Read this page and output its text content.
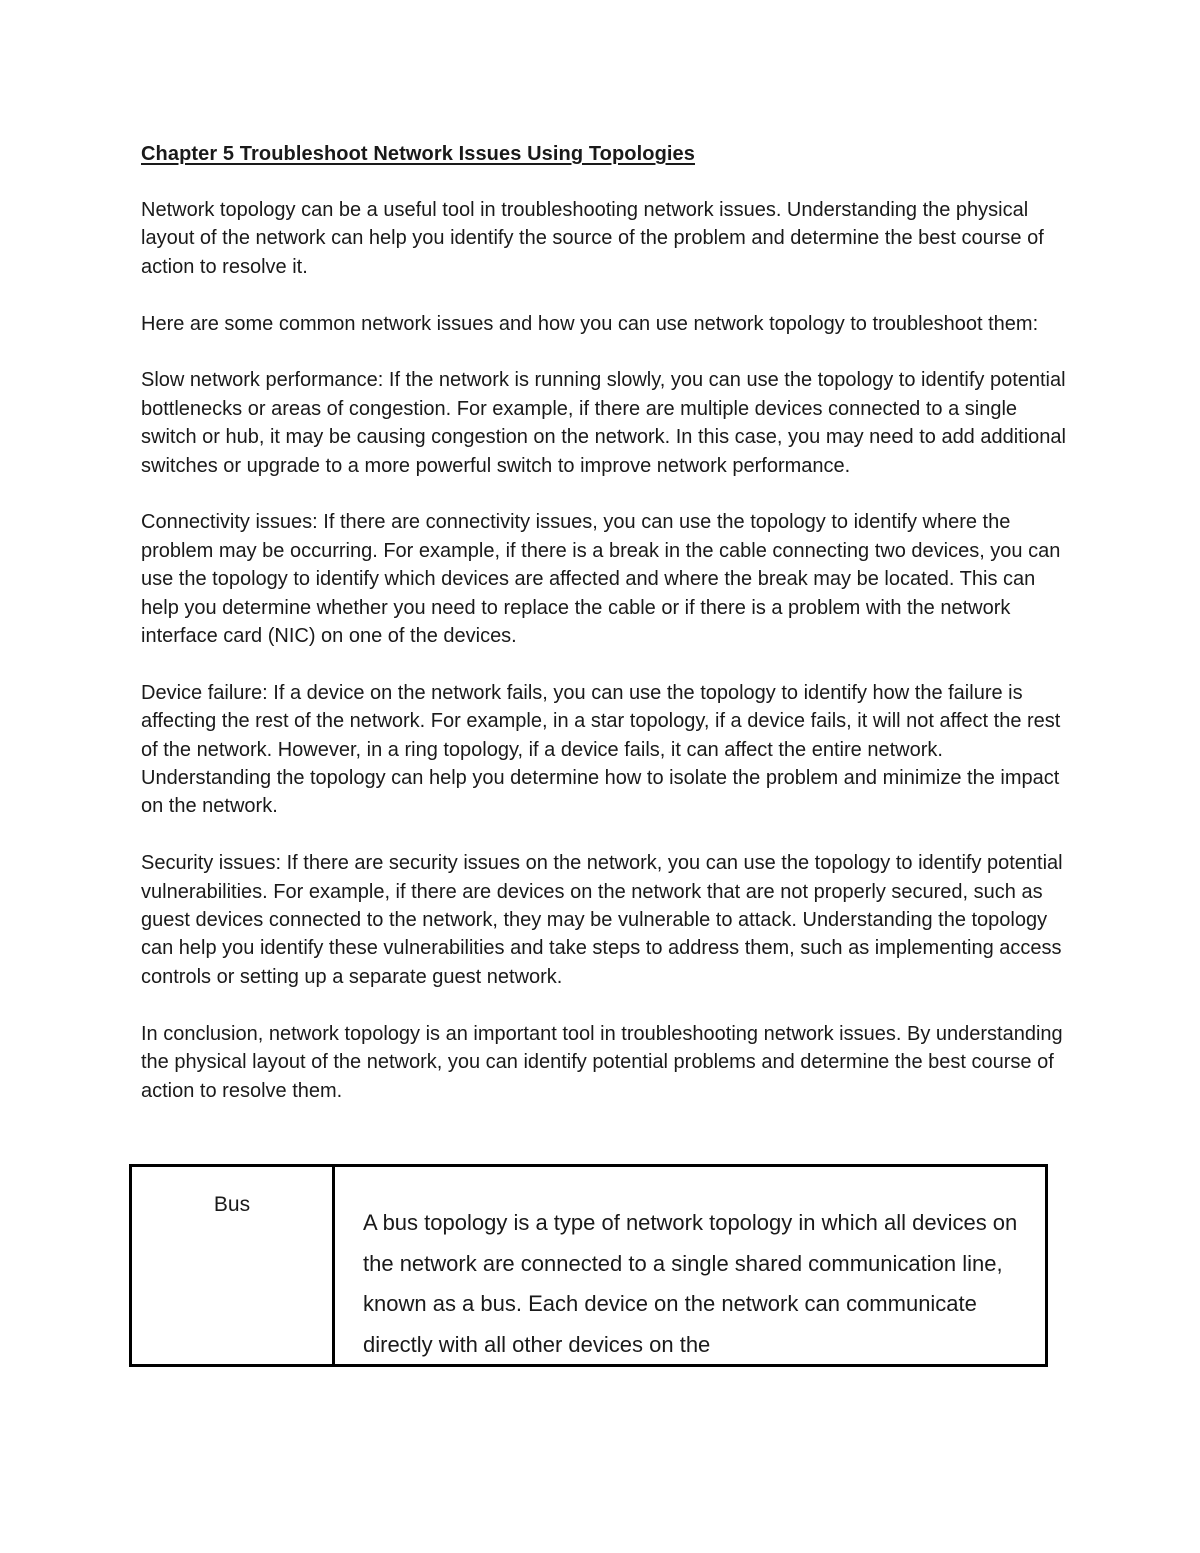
Chapter 5 Troubleshoot Network Issues Using Topologies

Network topology can be a useful tool in troubleshooting network issues. Understanding the physical layout of the network can help you identify the source of the problem and determine the best course of action to resolve it.

Here are some common network issues and how you can use network topology to troubleshoot them:

Slow network performance: If the network is running slowly, you can use the topology to identify potential bottlenecks or areas of congestion. For example, if there are multiple devices connected to a single switch or hub, it may be causing congestion on the network. In this case, you may need to add additional switches or upgrade to a more powerful switch to improve network performance.

Connectivity issues: If there are connectivity issues, you can use the topology to identify where the problem may be occurring. For example, if there is a break in the cable connecting two devices, you can use the topology to identify which devices are affected and where the break may be located. This can help you determine whether you need to replace the cable or if there is a problem with the network interface card (NIC) on one of the devices.

Device failure: If a device on the network fails, you can use the topology to identify how the failure is affecting the rest of the network. For example, in a star topology, if a device fails, it will not affect the rest of the network. However, in a ring topology, if a device fails, it can affect the entire network. Understanding the topology can help you determine how to isolate the problem and minimize the impact on the network.

Security issues: If there are security issues on the network, you can use the topology to identify potential vulnerabilities. For example, if there are devices on the network that are not properly secured, such as guest devices connected to the network, they may be vulnerable to attack. Understanding the topology can help you identify these vulnerabilities and take steps to address them, such as implementing access controls or setting up a separate guest network.

In conclusion, network topology is an important tool in troubleshooting network issues. By understanding the physical layout of the network, you can identify potential problems and determine the best course of action to resolve them.

Bus
A bus topology is a type of network topology in which all devices on the network are connected to a single shared communication line, known as a bus. Each device on the network can communicate directly with all other devices on the
